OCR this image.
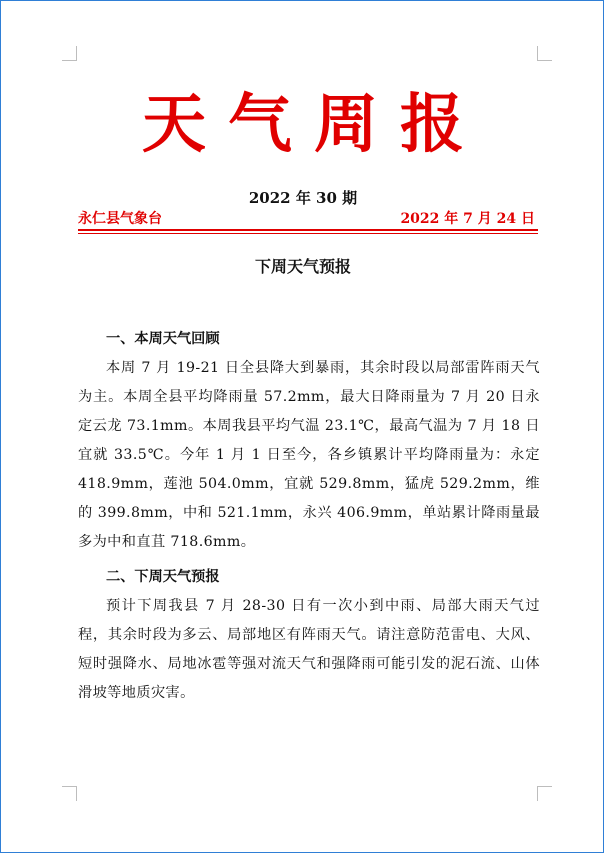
天气周报
2022 年 30 期
永仁县气象台	2022 年 7 月 24 日
下周天气预报

一、本周天气回顾

本周 7 月 19-21 日全县降大到暴雨，其余时段以局部雷阵雨天气为主。本周全县平均降雨量 57.2mm，最大日降雨量为 7 月 20 日永定云龙 73.1mm。本周我县平均气温 23.1℃，最高气温为 7 月 18 日宜就 33.5℃。今年 1 月 1 日至今，各乡镇累计平均降雨量为：永定 418.9mm，莲池 504.0mm，宜就 529.8mm，猛虎 529.2mm，维的 399.8mm，中和 521.1mm，永兴 406.9mm，单站累计降雨量最多为中和直苴 718.6mm。

二、下周天气预报

预计下周我县 7 月 28-30 日有一次小到中雨、局部大雨天气过程，其余时段为多云、局部地区有阵雨天气。请注意防范雷电、大风、短时强降水、局地冰雹等强对流天气和强降雨可能引发的泥石流、山体滑坡等地质灾害。
